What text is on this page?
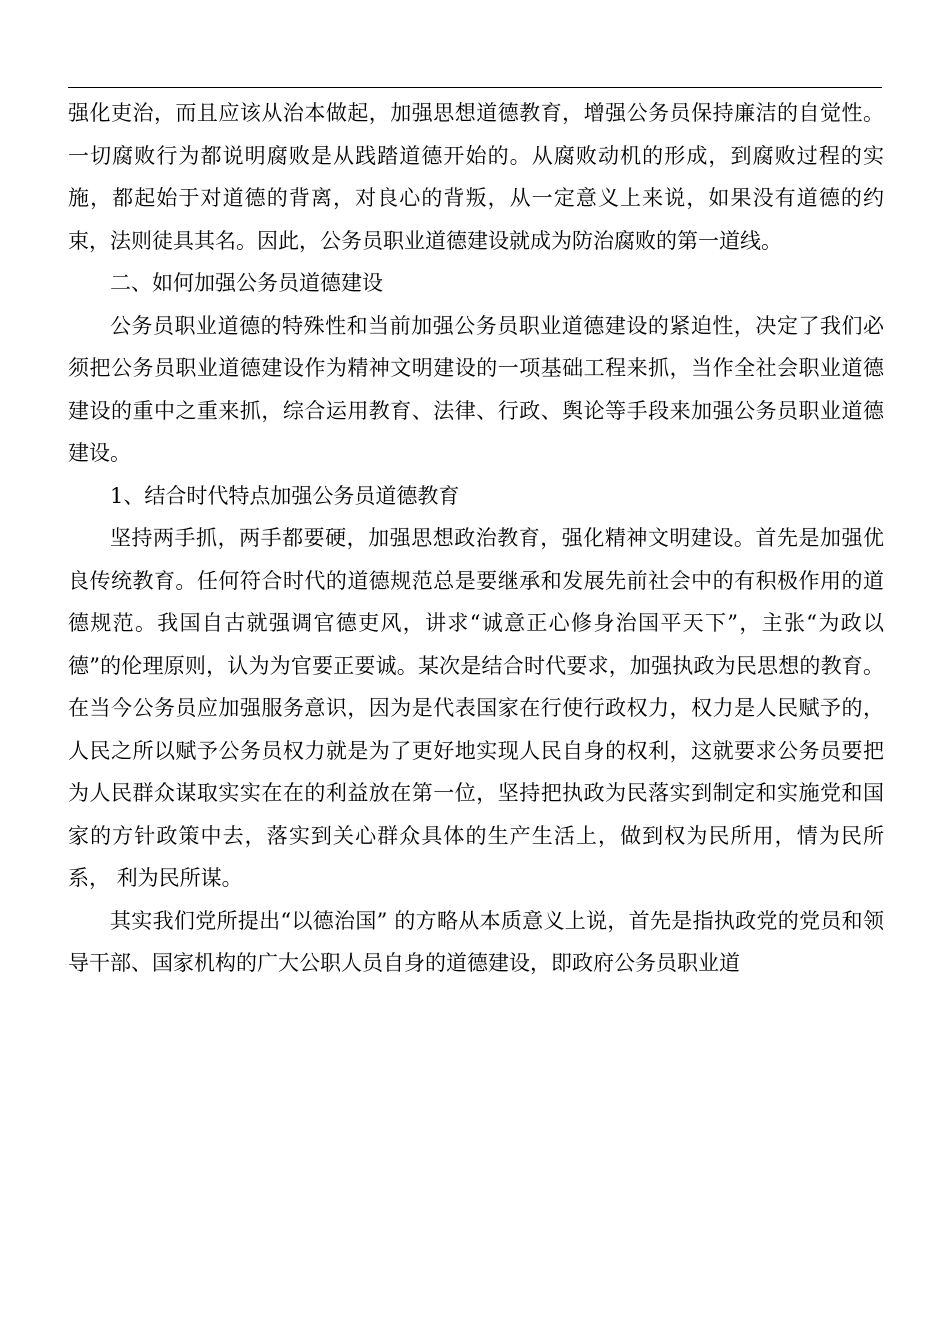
强化吏治，而且应该从治本做起，加强思想道德教育，增强公务员保持廉洁的自觉性。一切腐败行为都说明腐败是从践踏道德开始的。从腐败动机的形成，到腐败过程的实施，都起始于对道德的背离，对良心的背叛，从一定意义上来说，如果没有道德的约束，法则徒具其名。因此，公务员职业道德建设就成为防治腐败的第一道线。

二、如何加强公务员道德建设

公务员职业道德的特殊性和当前加强公务员职业道德建设的紧迫性，决定了我们必须把公务员职业道德建设作为精神文明建设的一项基础工程来抓，当作全社会职业道德建设的重中之重来抓，综合运用教育、法律、行政、舆论等手段来加强公务员职业道德建设。

1、结合时代特点加强公务员道德教育

坚持两手抓，两手都要硬，加强思想政治教育，强化精神文明建设。首先是加强优良传统教育。任何符合时代的道德规范总是要继承和发展先前社会中的有积极作用的道德规范。我国自古就强调官德吏风，讲求“诚意正心修身治国平天下”，主张“为政以德”的伦理原则，认为为官要正要诚。某次是结合时代要求，加强执政为民思想的教育。在当今公务员应加强服务意识，因为是代表国家在行使行政权力，权力是人民赋予的，人民之所以赋予公务员权力就是为了更好地实现人民自身的权利，这就要求公务员要把为人民群众谋取实实在在的利益放在第一位，坚持把执政为民落实到制定和实施党和国家的方针政策中去，落实到关心群众具体的生产生活上，做到权为民所用，情为民所系， 利为民所谋。

其实我们党所提出“以德治国” 的方略从本质意义上说，首先是指执政党的党员和领导干部、国家机构的广大公职人员自身的道德建设，即政府公务员职业道
